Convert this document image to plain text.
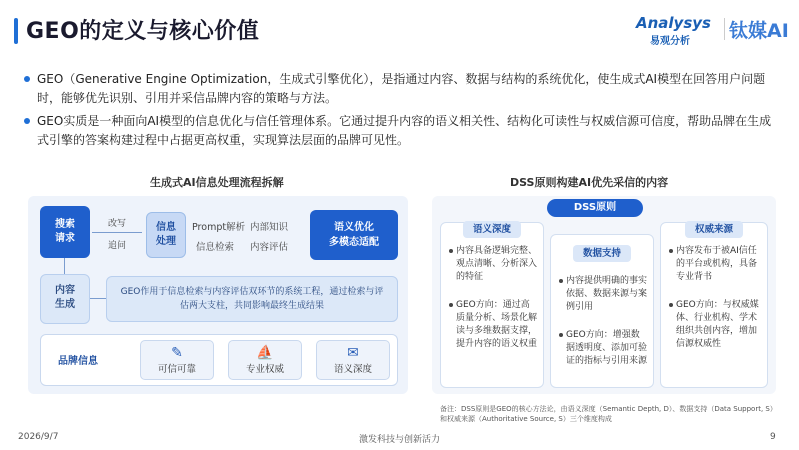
GEO的定义与核心价值	Analysys
易观分析 钛媒AI
GEO（Generative Engine Optimization，生成式引擎优化），是指通过内容、数据与结构的系统优化，使生成式AI模型在回答用户问题时，能够优先识别、引用并采信品牌内容的策略与方法。
GEO实质是一种面向AI模型的信息优化与信任管理体系。它通过提升内容的语义相关性、结构化可读性与权威信源可信度，帮助品牌在生成式引擎的答案构建过程中占据更高权重，实现算法层面的品牌可见性。
生成式AI信息处理流程拆解
搜索
请求
改写
追问
信息
处理
Prompt解析 内部知识
信息检索 内容评估
语义优化
多模态适配
内容
生成
GEO作用于信息检索与内容评估双环节的系统工程，通过检索与评估两大支柱，共同影响最终生成结果
品牌信息
✎
可信可靠
⛵
专业权威
✉
语义深度
DSS原则构建AI优先采信的内容
DSS原则
语义深度
内容具备逻辑完整、观点清晰、分析深入的特征
GEO方向：通过高质量分析、场景化解读与多维数据支撑，提升内容的语义权重
数据支持
内容提供明确的事实依据、数据来源与案例引用
GEO方向：增强数据透明度、添加可验证的指标与引用来源
权威来源
内容发布于被AI信任的平台或机构，具备专业背书
GEO方向：与权威媒体、行业机构、学术组织共创内容，增加信源权威性
备注：DSS原则是GEO的核心方法论，由语义深度（Semantic Depth, D）、数据支持（Data Support, S）和权威来源（Authoritative Source, S）三个维度构成
2026/9/7	激发科技与创新活力	9
